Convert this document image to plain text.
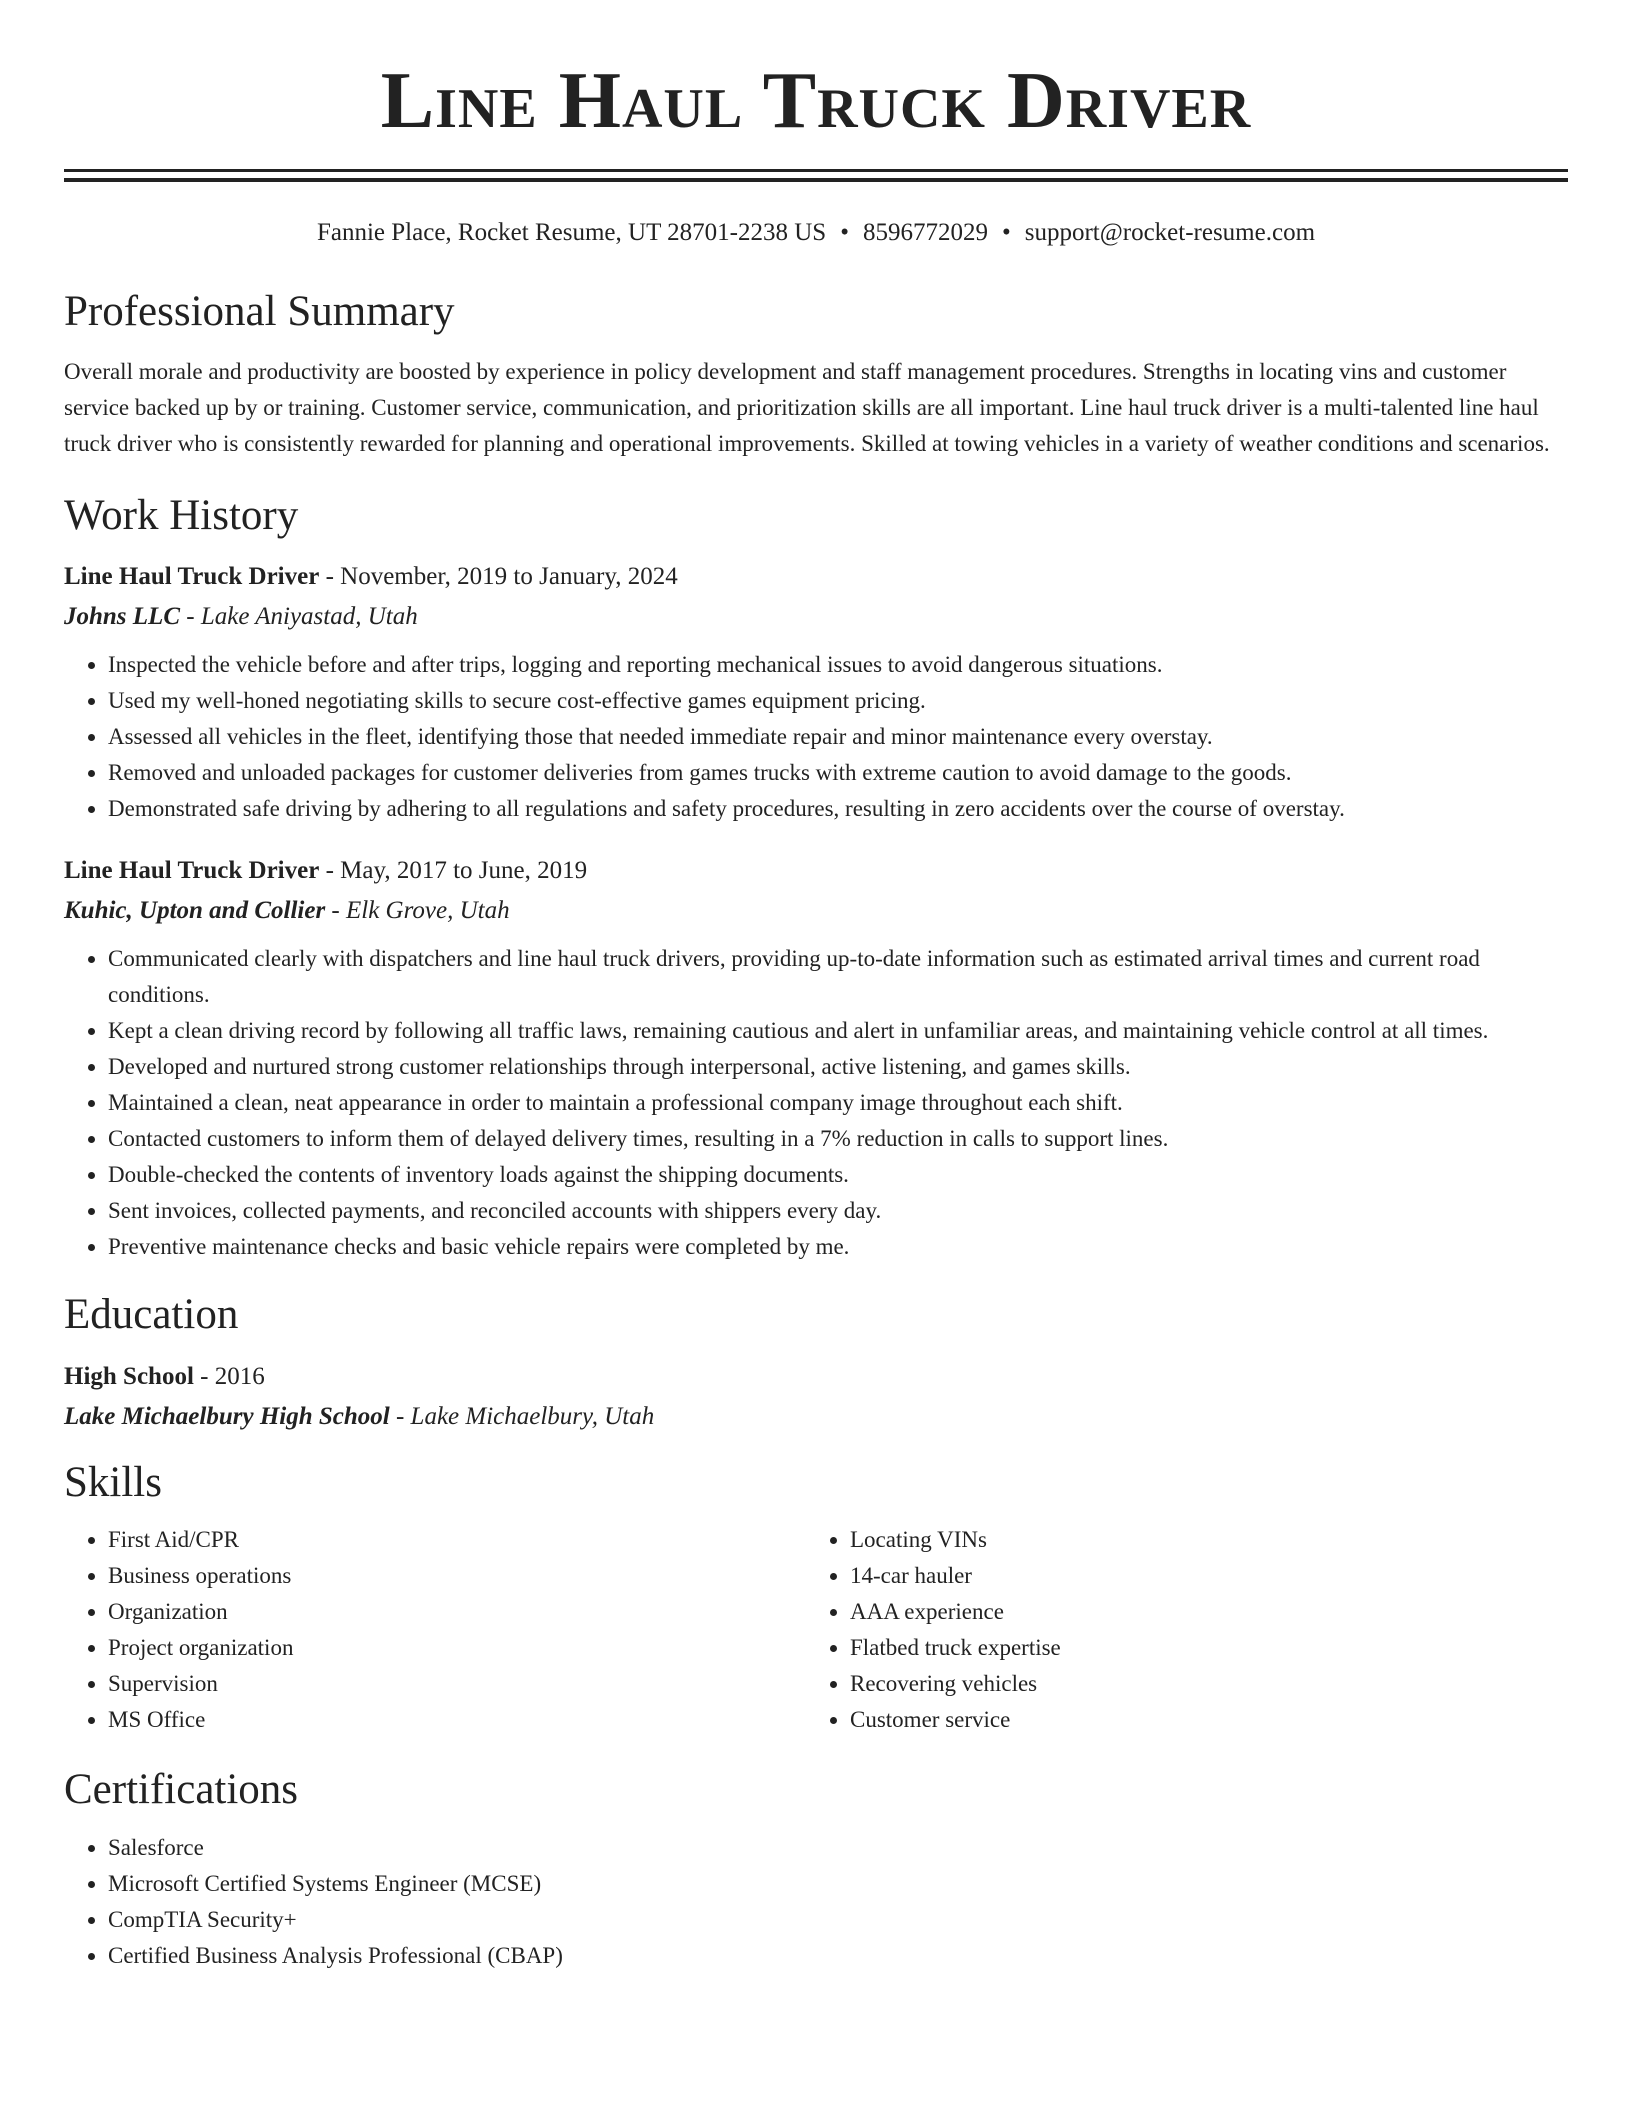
Line Haul Truck Driver
Fannie Place, Rocket Resume, UT 28701-2238 US • 8596772029 • support@rocket-resume.com
Professional Summary

Overall morale and productivity are boosted by experience in policy development and staff management procedures. Strengths in locating vins and customer service backed up by or training. Customer service, communication, and prioritization skills are all important. Line haul truck driver is a multi-talented line haul truck driver who is consistently rewarded for planning and operational improvements. Skilled at towing vehicles in a variety of weather conditions and scenarios.

Work History
Line Haul Truck Driver - November, 2019 to January, 2024
Johns LLC - Lake Aniyastad, Utah
• Inspected the vehicle before and after trips, logging and reporting mechanical issues to avoid dangerous situations.
• Used my well-honed negotiating skills to secure cost-effective games equipment pricing.
• Assessed all vehicles in the fleet, identifying those that needed immediate repair and minor maintenance every overstay.
• Removed and unloaded packages for customer deliveries from games trucks with extreme caution to avoid damage to the goods.
• Demonstrated safe driving by adhering to all regulations and safety procedures, resulting in zero accidents over the course of overstay.
Line Haul Truck Driver - May, 2017 to June, 2019
Kuhic, Upton and Collier - Elk Grove, Utah
• Communicated clearly with dispatchers and line haul truck drivers, providing up-to-date information such as estimated arrival times and current road conditions.
• Kept a clean driving record by following all traffic laws, remaining cautious and alert in unfamiliar areas, and maintaining vehicle control at all times.
• Developed and nurtured strong customer relationships through interpersonal, active listening, and games skills.
• Maintained a clean, neat appearance in order to maintain a professional company image throughout each shift.
• Contacted customers to inform them of delayed delivery times, resulting in a 7% reduction in calls to support lines.
• Double-checked the contents of inventory loads against the shipping documents.
• Sent invoices, collected payments, and reconciled accounts with shippers every day.
• Preventive maintenance checks and basic vehicle repairs were completed by me.
Education
High School - 2016
Lake Michaelbury High School - Lake Michaelbury, Utah
Skills
• First Aid/CPR
• Business operations
• Organization
• Project organization
• Supervision
• MS Office
• Locating VINs
• 14-car hauler
• AAA experience
• Flatbed truck expertise
• Recovering vehicles
• Customer service
Certifications
• Salesforce
• Microsoft Certified Systems Engineer (MCSE)
• CompTIA Security+
• Certified Business Analysis Professional (CBAP)
